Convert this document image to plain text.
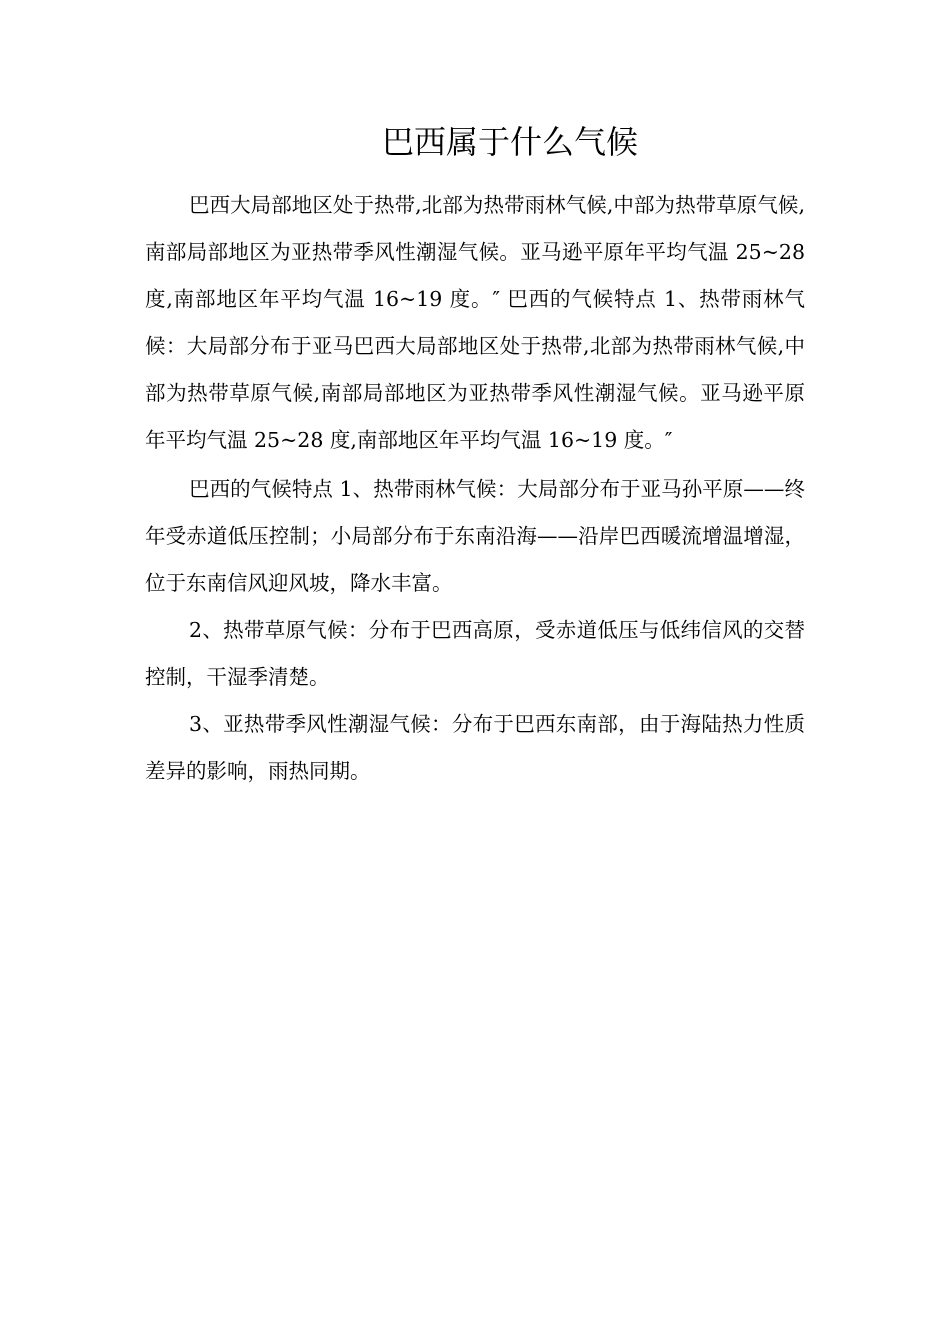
巴西属于什么气候

巴西大局部地区处于热带,北部为热带雨林气候,中部为热带草原气候,南部局部地区为亚热带季风性潮湿气候。亚马逊平原年平均气温 25~28 度,南部地区年平均气温 16~19 度。″ 巴西的气候特点 1、热带雨林气候：大局部分布于亚马巴西大局部地区处于热带,北部为热带雨林气候,中部为热带草原气候,南部局部地区为亚热带季风性潮湿气候。亚马逊平原年平均气温 25~28 度,南部地区年平均气温 16~19 度。″

巴西的气候特点 1、热带雨林气候：大局部分布于亚马孙平原——终年受赤道低压控制；小局部分布于东南沿海——沿岸巴西暖流增温增湿，位于东南信风迎风坡，降水丰富。

2、热带草原气候：分布于巴西高原，受赤道低压与低纬信风的交替控制，干湿季清楚。

3、亚热带季风性潮湿气候：分布于巴西东南部，由于海陆热力性质差异的影响，雨热同期。
